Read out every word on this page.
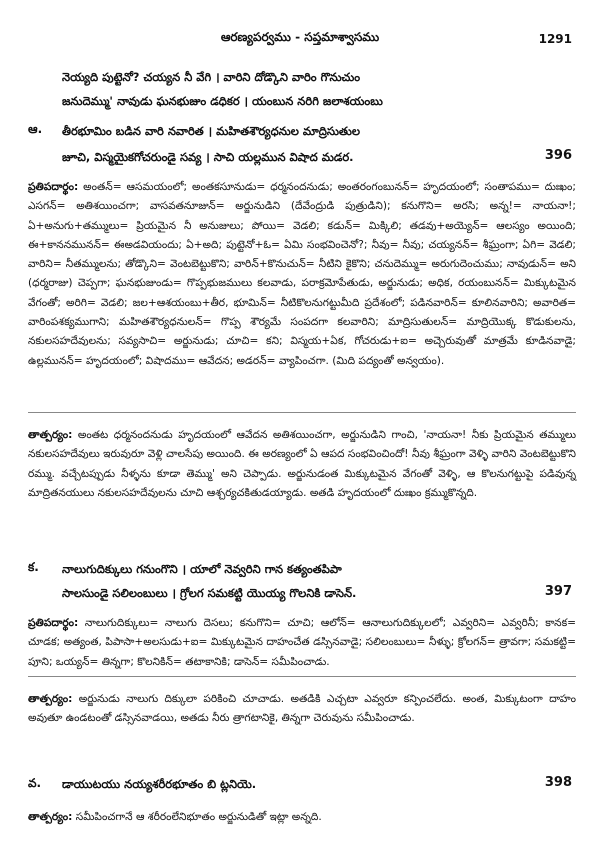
ఆరణ్యపర్వము - సప్తమాశ్వాసము	1291
నెయ్యది పుట్టెనో? చయ్యన నీ వేగి । వారిని దోడ్కొని వారిం గొనుచుం
జనుదెమ్ము' నావుడు ఘనభుజుం డధికర । యంబున నరిగి జలాశయంబు
ఆ. తీరభూమిం బడిన వారి నవారిత । మహితశౌర్యధనుల మాద్రిసుతుల
జూచి, విస్మయైకగోచరుండై సవ్య । సాచి యల్లమున విషాద మడర.	396
ప్రతిపదార్థం: అంతన్= ఆసమయంలో; అంతకసూనుడు= ధర్మనందనుడు; అంతరంగంబునన్= హృదయంలో; సంతాపము= దుఃఖం; ఎసగన్= అతిశయించగా; వాసవతనూజున్= అర్జునుడిని (దేవేంద్రుడి పుత్రుడిని); కనుగొని= అరసి; అన్న!= నాయనా!; ఏ+అనుగు+తమ్ములు= ప్రియమైన నీ అనుజులు; పోయి= వెడలి; కడున్= మిక్కిలి; తడవు+అయ్యెన్= ఆలస్యం అయింది; ఈ+కాననమునన్= ఈఅడవియందు; ఏ+అది; పుట్టెనో+ఓ= ఏమి సంభవించెనో?; నీవు= నీవు; చయ్యనన్= శీఘ్రంగా; ఏగి= వెడలి; వారిని= నీతమ్ములను; తోడ్కొని= వెంటబెట్టుకొని; వారిన్+కొనుచున్= నీటిని కైకొని; చనుదెమ్ము= అరుగుదెంచుము; నావుడున్= అని (ధర్మరాజు) చెప్పగా; ఘనభుజుండు= గొప్పభుజములు కలవాడు, పరాక్రమోపేతుడు, అర్జునుడు; అధిక, రయంబునన్= మిక్కుటమైన వేగంతో; అరిగి= వెడలి; జల+ఆశయంబు+తీర, భూమిన్= నీటికొలనుగట్టుమీది ప్రదేశంలో; పడినవారిన్= కూలినవారిని; అవారిత= వారింపశక్యముగాని; మహితశౌర్యధనులన్= గొప్ప శౌర్యమే సంపదగా కలవారిని; మాద్రిసుతులన్= మాద్రియొక్క కొడుకులను, నకులసహదేవులను; సవ్యసాచి= అర్జునుడు; చూచి= కని; విస్మయ+ఏక, గోచరుడు+ఐ= అచ్చెరువుతో మాత్రమే కూడినవాడై; ఉల్లమునన్= హృదయంలో; విషాదము= ఆవేదన; అడరన్= వ్యాపించగా. (మిది పద్యంతో అన్వయం).
తాత్పర్యం: అంతట ధర్మనందనుడు హృదయంలో ఆవేదన అతిశయించగా, అర్జునుడిని గాంచి, 'నాయనా! నీకు ప్రియమైన తమ్ములు నకులసహదేవులు ఇరువురూ వెళ్లి చాలసేపు అయింది. ఈ అరణ్యంలో ఏ ఆపద సంభవించిందో! నీవు శీఘ్రంగా వెళ్ళి వారిని వెంటబెట్టుకొని రమ్ము. వచ్చేటప్పుడు నీళ్ళను కూడా తెమ్ము' అని చెప్పాడు. అర్జునుడంత మిక్కుటమైన వేగంతో వెళ్ళి, ఆ కొలనుగట్టుపై పడివున్న మాద్రితనయులు నకులసహదేవులను చూచి ఆశ్చర్యచకితుడయ్యాడు. అతడి హృదయంలో దుఃఖం క్రమ్ముకొన్నది.
క. నాలుగుదిక్కులు గనుంగొని । యాలో నెవ్వరిని గాన కత్యంతపిపా
సాలసుండై సలిలంబులు । గ్రోలగ సమకట్టి యొయ్య గొలనికి డాసెన్.	397
ప్రతిపదార్థం: నాలుగుదిక్కులు= నాలుగు దెసలు; కనుగొని= చూచి; ఆలోన్= ఆనాలుగుదిక్కులలో; ఎవ్వరిని= ఎవ్వరినీ; కానక= చూడక; అత్యంత, పిపాసా+అలసుడు+ఐ= మిక్కుటమైన దాహంచేత డస్సినవాడై; సలిలంబులు= నీళ్ళు; క్రోలగన్= త్రావగా; సమకట్టి= పూని; ఒయ్యన్= తిన్నగా; కొలనికిన్= తటాకానికి; డాసెన్= సమీపించాడు.
తాత్పర్యం: అర్జునుడు నాలుగు దిక్కులా పరికించి చూచాడు. అతడికి ఎచ్చటా ఎవ్వరూ కన్పించలేదు. అంత, మిక్కుటంగా దాహం అవుతూ ఉండటంతో డస్సినవాడయి, అతడు నీరు త్రాగటానికై, తిన్నగా చెరువును సమీపించాడు.
వ. డాయుటయు నయ్యశరీరభూతం బి ట్లనియె.	398
తాత్పర్యం: సమీపించగానే ఆ శరీరంలేనిభూతం అర్జునుడితో ఇట్లా అన్నది.
